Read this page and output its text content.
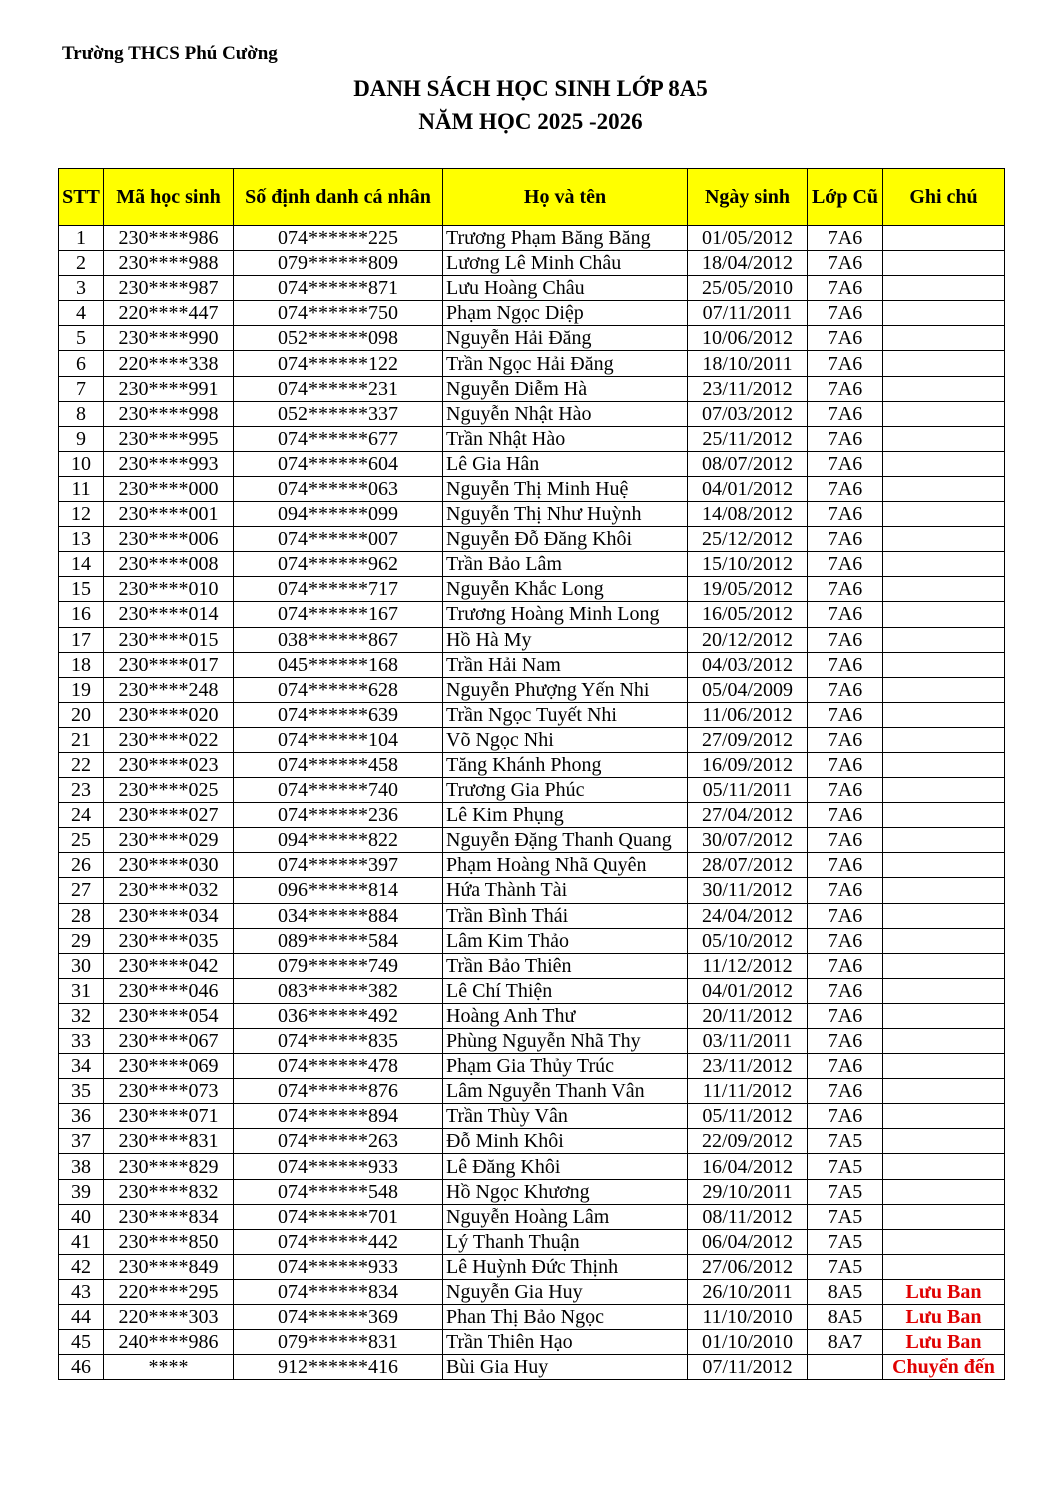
Trường THCS Phú Cường
DANH SÁCH HỌC SINH LỚP 8A5
NĂM HỌC 2025 -2026
STT	Mã học sinh	Số định danh cá nhân	Họ và tên	Ngày sinh	Lớp Cũ	Ghi chú
1	230****986	074******225	Trương Phạm Băng Băng	01/05/2012	7A6	
2	230****988	079******809	Lương Lê Minh Châu	18/04/2012	7A6	
3	230****987	074******871	Lưu Hoàng Châu	25/05/2010	7A6	
4	220****447	074******750	Phạm Ngọc Diệp	07/11/2011	7A6	
5	230****990	052******098	Nguyễn Hải Đăng	10/06/2012	7A6	
6	220****338	074******122	Trần Ngọc Hải Đăng	18/10/2011	7A6	
7	230****991	074******231	Nguyễn Diễm Hà	23/11/2012	7A6	
8	230****998	052******337	Nguyễn Nhật Hào	07/03/2012	7A6	
9	230****995	074******677	Trần Nhật Hào	25/11/2012	7A6	
10	230****993	074******604	Lê Gia Hân	08/07/2012	7A6	
11	230****000	074******063	Nguyễn Thị Minh Huệ	04/01/2012	7A6	
12	230****001	094******099	Nguyễn Thị Như Huỳnh	14/08/2012	7A6	
13	230****006	074******007	Nguyễn Đỗ Đăng Khôi	25/12/2012	7A6	
14	230****008	074******962	Trần Bảo Lâm	15/10/2012	7A6	
15	230****010	074******717	Nguyễn Khắc Long	19/05/2012	7A6	
16	230****014	074******167	Trương Hoàng Minh Long	16/05/2012	7A6	
17	230****015	038******867	Hồ Hà My	20/12/2012	7A6	
18	230****017	045******168	Trần Hải Nam	04/03/2012	7A6	
19	230****248	074******628	Nguyễn Phượng Yến Nhi	05/04/2009	7A6	
20	230****020	074******639	Trần Ngọc Tuyết Nhi	11/06/2012	7A6	
21	230****022	074******104	Võ Ngọc Nhi	27/09/2012	7A6	
22	230****023	074******458	Tăng Khánh Phong	16/09/2012	7A6	
23	230****025	074******740	Trương Gia Phúc	05/11/2011	7A6	
24	230****027	074******236	Lê Kim Phụng	27/04/2012	7A6	
25	230****029	094******822	Nguyễn Đặng Thanh Quang	30/07/2012	7A6	
26	230****030	074******397	Phạm Hoàng Nhã Quyên	28/07/2012	7A6	
27	230****032	096******814	Hứa Thành Tài	30/11/2012	7A6	
28	230****034	034******884	Trần Bình Thái	24/04/2012	7A6	
29	230****035	089******584	Lâm Kim Thảo	05/10/2012	7A6	
30	230****042	079******749	Trần Bảo Thiên	11/12/2012	7A6	
31	230****046	083******382	Lê Chí Thiện	04/01/2012	7A6	
32	230****054	036******492	Hoàng Anh Thư	20/11/2012	7A6	
33	230****067	074******835	Phùng Nguyễn Nhã Thy	03/11/2011	7A6	
34	230****069	074******478	Phạm Gia Thủy Trúc	23/11/2012	7A6	
35	230****073	074******876	Lâm Nguyễn Thanh Vân	11/11/2012	7A6	
36	230****071	074******894	Trần Thùy Vân	05/11/2012	7A6	
37	230****831	074******263	Đỗ Minh Khôi	22/09/2012	7A5	
38	230****829	074******933	Lê Đăng Khôi	16/04/2012	7A5	
39	230****832	074******548	Hồ Ngọc Khương	29/10/2011	7A5	
40	230****834	074******701	Nguyễn Hoàng Lâm	08/11/2012	7A5	
41	230****850	074******442	Lý Thanh Thuận	06/04/2012	7A5	
42	230****849	074******933	Lê Huỳnh Đức Thịnh	27/06/2012	7A5	
43	220****295	074******834	Nguyễn Gia Huy	26/10/2011	8A5	Lưu Ban
44	220****303	074******369	Phan Thị Bảo Ngọc	11/10/2010	8A5	Lưu Ban
45	240****986	079******831	Trần Thiên Hạo	01/10/2010	8A7	Lưu Ban
46	****	912******416	Bùi Gia Huy	07/11/2012		Chuyển đến
